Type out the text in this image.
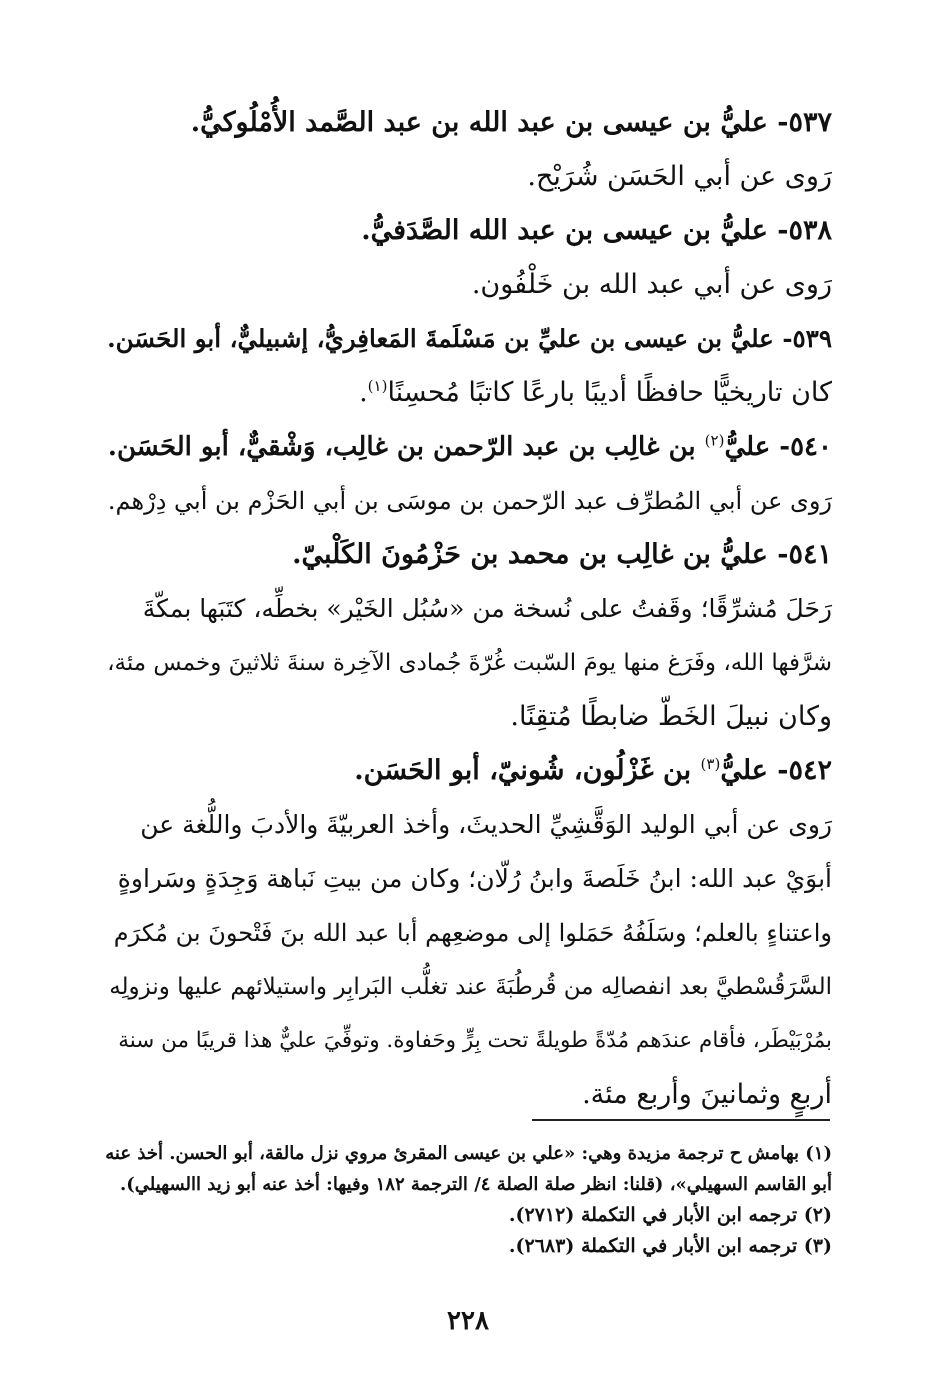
٥٣٧- عليُّ بن عيسى بن عبد الله بن عبد الصَّمد الأُمْلُوكيُّ.

رَوى عن أبي الحَسَن شُرَيْح.

٥٣٨- عليُّ بن عيسى بن عبد الله الصَّدَفيُّ.

رَوى عن أبي عبد الله بن خَلْفُون.

٥٣٩- عليُّ بن عيسى بن عليِّ بن مَسْلَمةَ المَعافِريُّ، إشبيليٌّ، أبو الحَسَن.

كان تاريخيًّا حافظًا أديبًا بارعًا كاتبًا مُحسِنًا$^{(١)}$.

٥٤٠- عليُّ$^{(٢)}$ بن غالِب بن عبد الرّحمن بن غالِب، وَشْقيٌّ، أبو الحَسَن.

رَوى عن أبي المُطرِّف عبد الرّحمن بن موسَى بن أبي الحَزْم بن أبي دِرْهم.

٥٤١- عليُّ بن غالِب بن محمد بن حَزْمُونَ الكَلْبيّ.

رَحَلَ مُشرِّقًا؛ وقَفتُ على نُسخة من «سُبُل الخَيْر» بخطِّه، كتَبَها بمكّةَ

شرَّفها الله، وفَرَغ منها يومَ السّبت غُرّةَ جُمادى الآخِرة سنةَ ثلاثينَ وخمس مئة،

وكان نبيلَ الخَطّ ضابطًا مُتقِنًا.

٥٤٢- عليُّ$^{(٣)}$ بن غَزْلُون، شُونيّ، أبو الحَسَن.

رَوى عن أبي الوليد الوَقَّشِيِّ الحديثَ، وأخذ العربيّةَ والأدبَ واللُّغة عن

أبوَيْ عبد الله: ابنُ خَلَصةَ وابنُ رُلّان؛ وكان من بيتِ نَباهة وَجِدَةٍ وسَراوةٍ

واعتناءٍ بالعلم؛ وسَلَفُهُ حَمَلوا إلى موضعِهم أبا عبد الله بنَ فَتْحونَ بن مُكرَم

السَّرَقُسْطيَّ بعد انفصالِه من قُرطُبَةَ عند تغلُّب البَرابِر واستيلائهم عليها ونزولِه

بمُرْبَيْطَر، فأقام عندَهم مُدّةً طويلةً تحت بِرٍّ وحَفاوة. وتوفِّيَ عليٌّ هذا قريبًا من سنة

أربعٍ وثمانينَ وأربع مئة.

(١) بهامش ح ترجمة مزيدة وهي: «علي بن عيسى المقرئ مروي نزل مالقة، أبو الحسن. أخذ عنه

أبو القاسم السهيلي»، (قلنا: انظر صلة الصلة ٤/ الترجمة ١٨٢ وفيها: أخذ عنه أبو زيد االسهيلي).

(٢) ترجمه ابن الأبار في التكملة (٢٧١٢).

(٣) ترجمه ابن الأبار في التكملة (٢٦٨٣).

٢٢٨
